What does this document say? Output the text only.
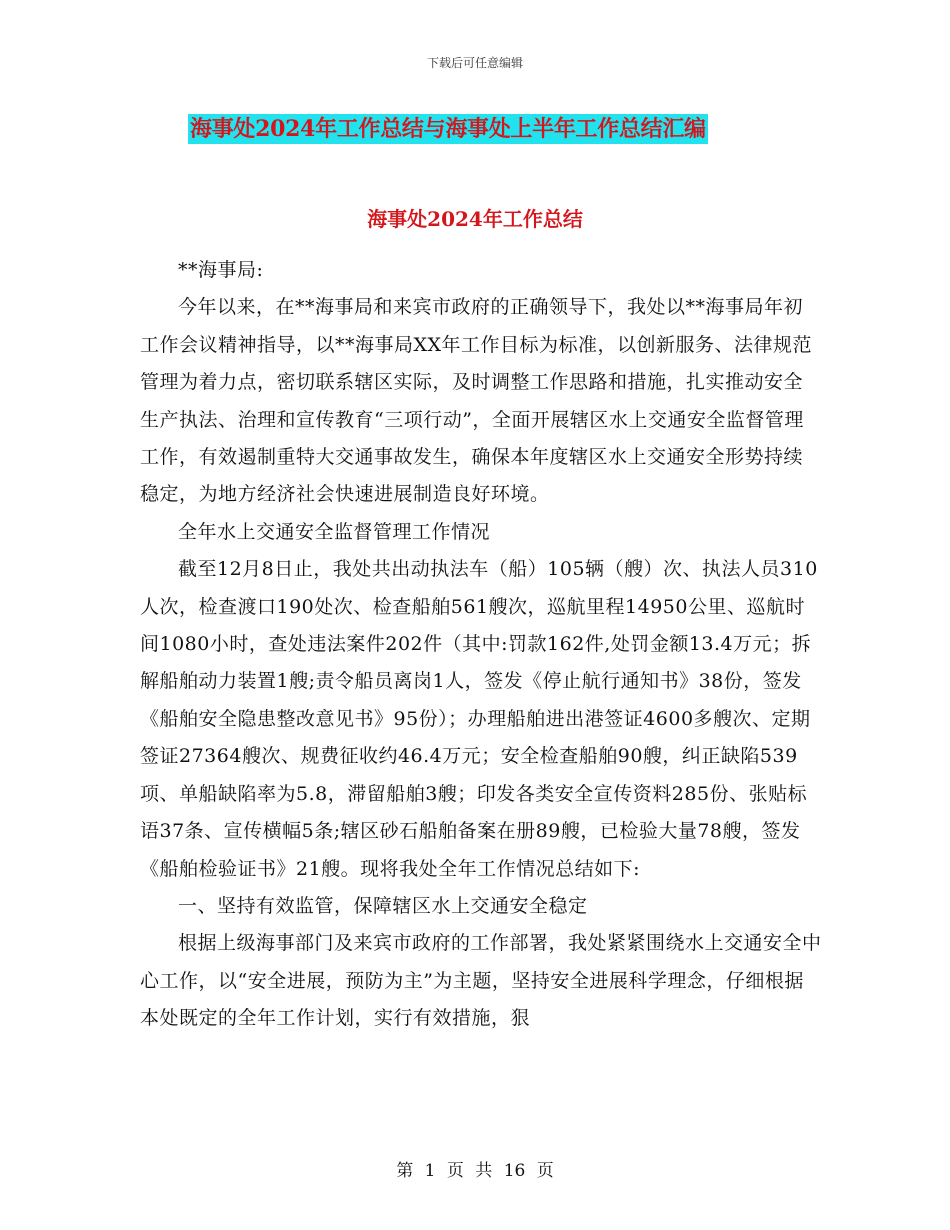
下载后可任意编辑
海事处2024年工作总结与海事处上半年工作总结汇编
海事处2024年工作总结

**海事局:

今年以来，在**海事局和来宾市政府的正确领导下，我处以**海事局年初工作会议精神指导，以**海事局XX年工作目标为标准，以创新服务、法律规范管理为着力点，密切联系辖区实际，及时调整工作思路和措施，扎实推动安全生产执法、治理和宣传教育“三项行动”，全面开展辖区水上交通安全监督管理工作，有效遏制重特大交通事故发生，确保本年度辖区水上交通安全形势持续稳定，为地方经济社会快速进展制造良好环境。

全年水上交通安全监督管理工作情况

截至12月8日止，我处共出动执法车（船）105辆（艘）次、执法人员310人次，检查渡口190处次、检查船舶561艘次，巡航里程14950公里、巡航时间1080小时，查处违法案件202件（其中:罚款162件,处罚金额13.4万元；拆解船舶动力装置1艘;责令船员离岗1人，签发《停止航行通知书》38份，签发《船舶安全隐患整改意见书》95份）；办理船舶进出港签证4600多艘次、定期签证27364艘次、规费征收约46.4万元；安全检查船舶90艘，纠正缺陷539 项、单船缺陷率为5.8，滞留船舶3艘；印发各类安全宣传资料285份、张贴标语37条、宣传横幅5条;辖区砂石船舶备案在册89艘，已检验大量78艘，签发《船舶检验证书》21艘。现将我处全年工作情况总结如下:

一、坚持有效监管，保障辖区水上交通安全稳定

根据上级海事部门及来宾市政府的工作部署，我处紧紧围绕水上交通安全中心工作，以“安全进展，预防为主”为主题，坚持安全进展科学理念，仔细根据本处既定的全年工作计划，实行有效措施，狠

第 1 页 共 16 页
